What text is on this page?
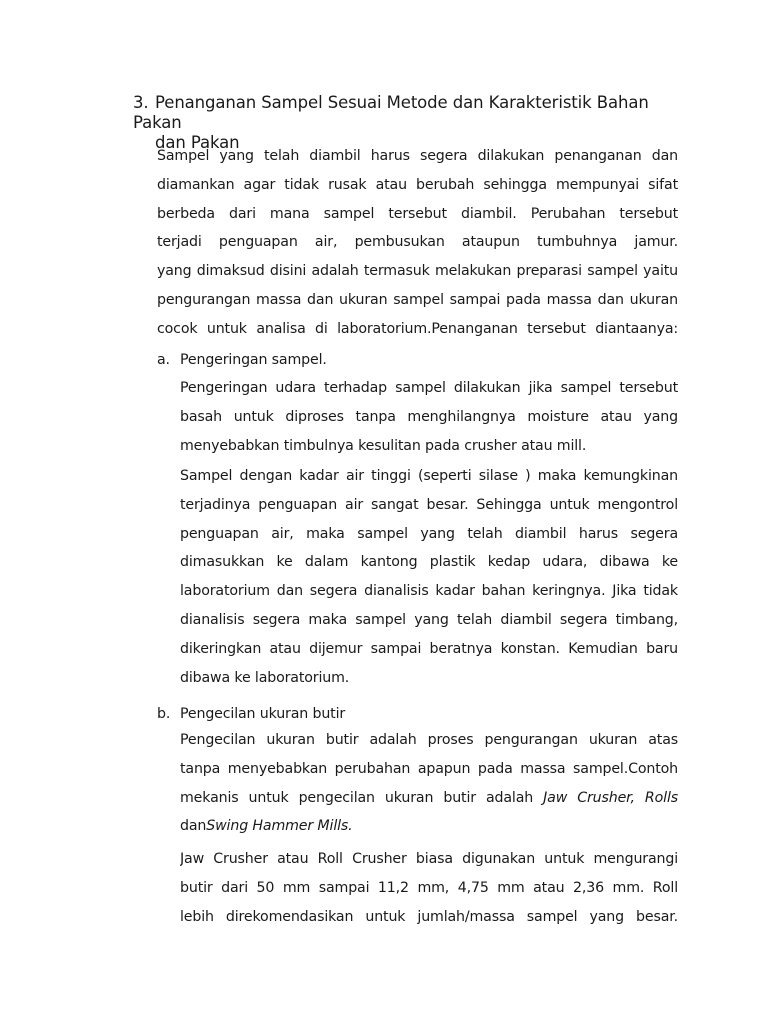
3. Penanganan Sampel Sesuai Metode dan Karakteristik Bahan Pakan
dan Pakan
Sampel yang telah diambil harus segera dilakukan penanganan dan
diamankan agar tidak rusak atau berubah sehingga mempunyai sifat
berbeda dari mana sampel tersebut diambil. Perubahan tersebut
terjadi penguapan air, pembusukan ataupun tumbuhnya jamur.
yang dimaksud disini adalah termasuk melakukan preparasi sampel yaitu
pengurangan massa dan ukuran sampel sampai pada massa dan ukuran
cocok untuk analisa di laboratorium.Penanganan tersebut diantaanya:
a. Pengeringan sampel.
Pengeringan udara terhadap sampel dilakukan jika sampel tersebut
basah untuk diproses tanpa menghilangnya moisture atau yang
menyebabkan timbulnya kesulitan pada crusher atau mill.
Sampel dengan kadar air tinggi (seperti silase ) maka kemungkinan
terjadinya penguapan air sangat besar. Sehingga untuk mengontrol
penguapan air, maka sampel yang telah diambil harus segera
dimasukkan ke dalam kantong plastik kedap udara, dibawa ke
laboratorium dan segera dianalisis kadar bahan keringnya. Jika tidak
dianalisis segera maka sampel yang telah diambil segera timbang,
dikeringkan atau dijemur sampai beratnya konstan. Kemudian baru
dibawa ke laboratorium.
b. Pengecilan ukuran butir
Pengecilan ukuran butir adalah proses pengurangan ukuran atas
tanpa menyebabkan perubahan apapun pada massa sampel.Contoh
mekanis untuk pengecilan ukuran butir adalah Jaw Crusher, Rolls
danSwing Hammer Mills.
Jaw Crusher atau Roll Crusher biasa digunakan untuk mengurangi
butir dari 50 mm sampai 11,2 mm, 4,75 mm atau 2,36 mm. Roll
lebih direkomendasikan untuk jumlah/massa sampel yang besar.
